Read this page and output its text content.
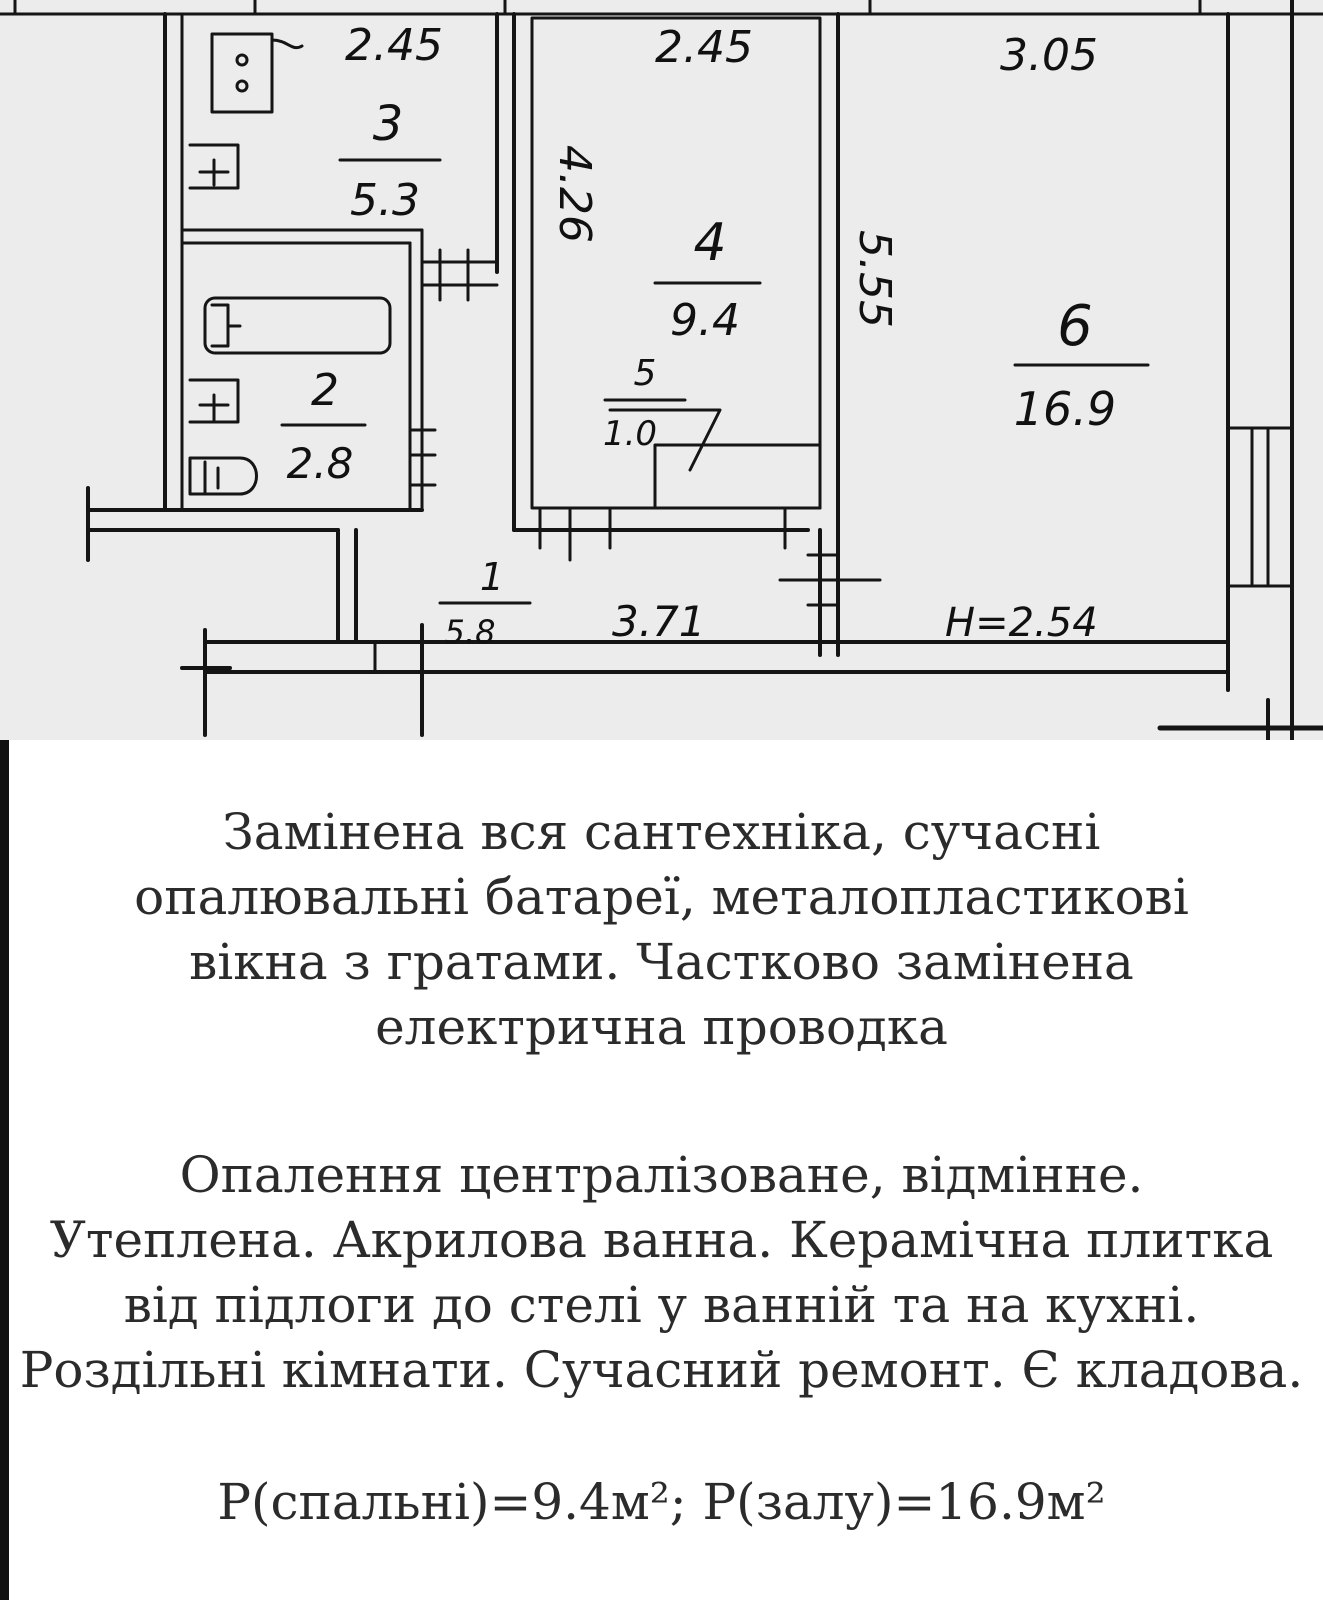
2.45	2.45	3.05
4.26
5.55
3.71	H=2.54
3
5.3
2
2.8
4
9.4
5
1.0
6
16.9
1
5.8
Замінена вся сантехніка, сучасні
опалювальні батареї, металопластикові
вікна з гратами. Частково замінена
електрична проводка
Опалення централізоване, відмінне.
Утеплена. Акрилова ванна. Керамічна плитка
від підлоги до стелі у ванній та на кухні.
Роздільні кімнати. Сучасний ремонт. Є кладова.
P(спальні)=9.4м²; P(залу)=16.9м²
